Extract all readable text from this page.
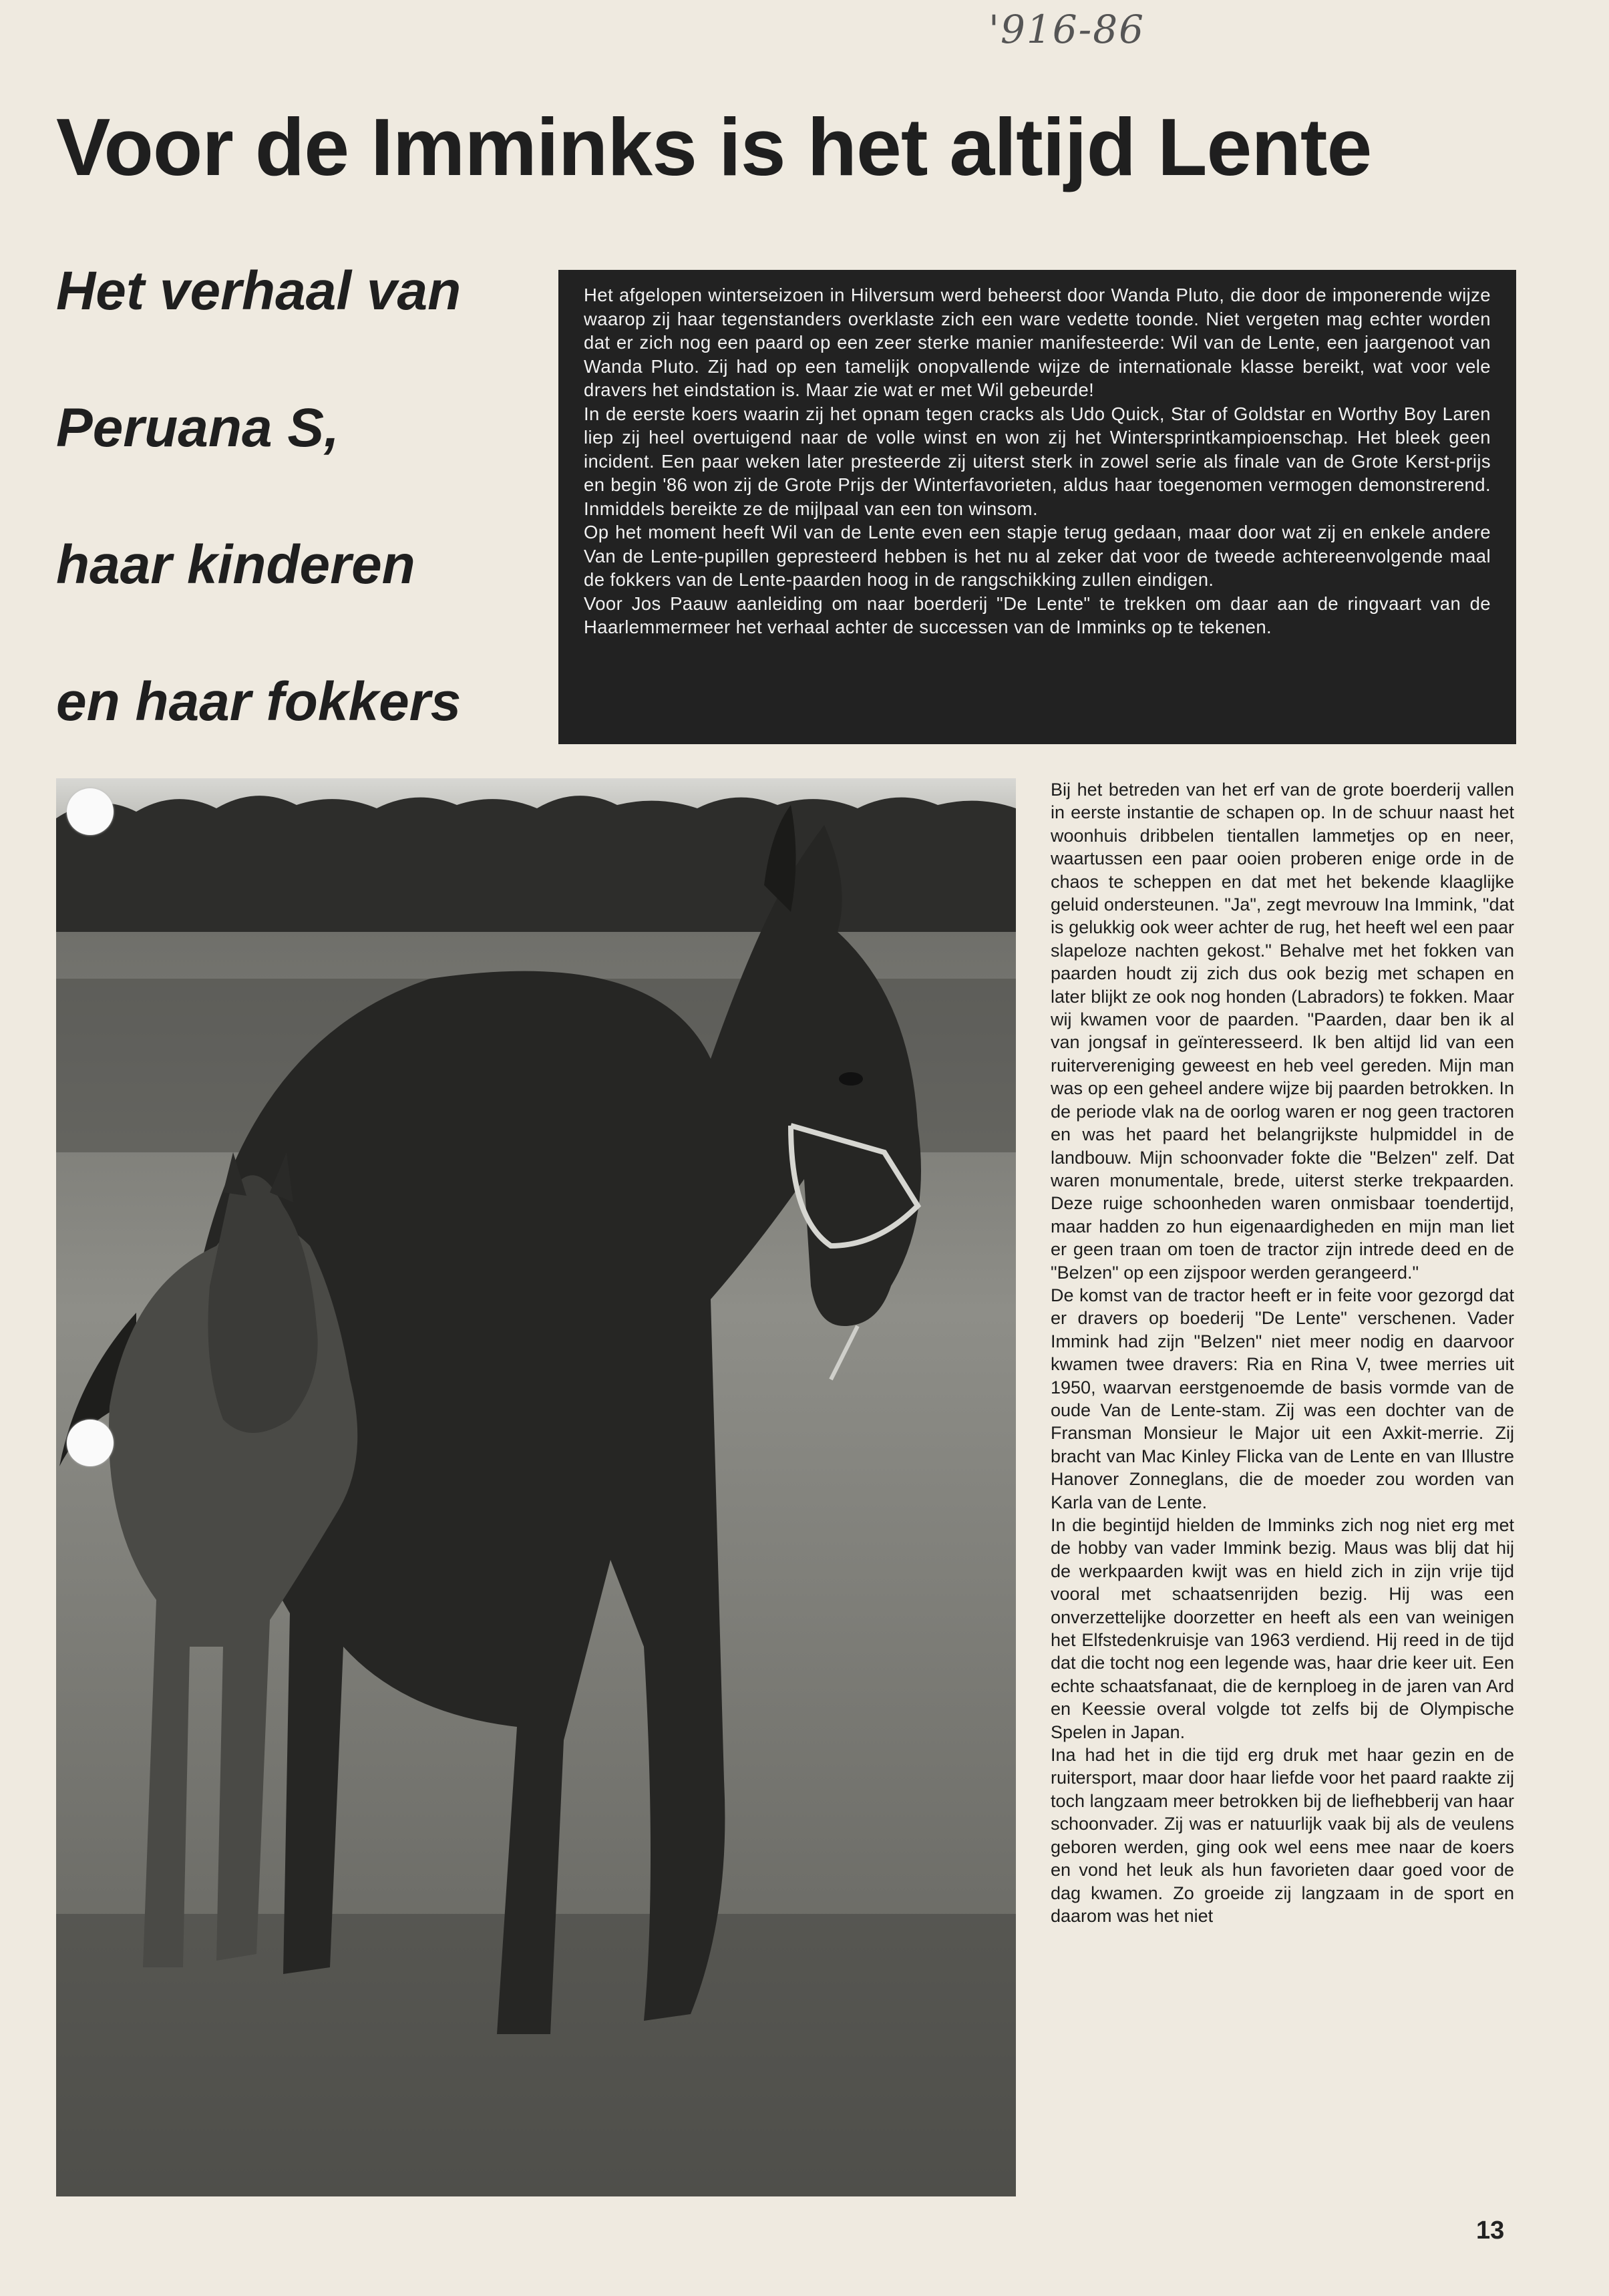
'916-86
Voor de Imminks is het altijd Lente
Het verhaal van
Peruana S,
haar kinderen
en haar fokkers

Het afgelopen winterseizoen in Hilversum werd beheerst door Wanda Pluto, die door de imponerende wijze waarop zij haar tegenstanders overklaste zich een ware vedette toonde. Niet vergeten mag echter worden dat er zich nog een paard op een zeer sterke manier manifesteerde: Wil van de Lente, een jaargenoot van Wanda Pluto. Zij had op een tamelijk onopvallende wijze de internationale klasse bereikt, wat voor vele dravers het eindstation is. Maar zie wat er met Wil gebeurde!

In de eerste koers waarin zij het opnam tegen cracks als Udo Quick, Star of Goldstar en Worthy Boy Laren liep zij heel overtuigend naar de volle winst en won zij het Wintersprintkampioenschap. Het bleek geen incident. Een paar weken later presteerde zij uiterst sterk in zowel serie als finale van de Grote Kerst-prijs en begin '86 won zij de Grote Prijs der Winterfavorieten, aldus haar toegenomen vermogen demonstrerend. Inmiddels bereikte ze de mijlpaal van een ton winsom.

Op het moment heeft Wil van de Lente even een stapje terug gedaan, maar door wat zij en enkele andere Van de Lente-pupillen gepresteerd hebben is het nu al zeker dat voor de tweede achtereenvolgende maal de fokkers van de Lente-paarden hoog in de rangschikking zullen eindigen.

Voor Jos Paauw aanleiding om naar boerderij "De Lente" te trekken om daar aan de ringvaart van de Haarlemmermeer het verhaal achter de successen van de Imminks op te tekenen.

Bij het betreden van het erf van de grote boerderij vallen in eerste instantie de schapen op. In de schuur naast het woonhuis dribbelen tientallen lammetjes op en neer, waartussen een paar ooien proberen enige orde in de chaos te scheppen en dat met het bekende klaaglijke geluid ondersteunen. "Ja", zegt mevrouw Ina Immink, "dat is gelukkig ook weer achter de rug, het heeft wel een paar slapeloze nachten gekost." Behalve met het fokken van paarden houdt zij zich dus ook bezig met schapen en later blijkt ze ook nog honden (Labradors) te fokken. Maar wij kwamen voor de paarden. "Paarden, daar ben ik al van jongsaf in geïnteresseerd. Ik ben altijd lid van een ruitervereniging geweest en heb veel gereden. Mijn man was op een geheel andere wijze bij paarden betrokken. In de periode vlak na de oorlog waren er nog geen tractoren en was het paard het belangrijkste hulpmiddel in de landbouw. Mijn schoonvader fokte die "Belzen" zelf. Dat waren monumentale, brede, uiterst sterke trekpaarden. Deze ruige schoonheden waren onmisbaar toendertijd, maar hadden zo hun eigenaardigheden en mijn man liet er geen traan om toen de tractor zijn intrede deed en de "Belzen" op een zijspoor werden gerangeerd."

De komst van de tractor heeft er in feite voor gezorgd dat er dravers op boederij "De Lente" verschenen. Vader Immink had zijn "Belzen" niet meer nodig en daarvoor kwamen twee dravers: Ria en Rina V, twee merries uit 1950, waarvan eerstgenoemde de basis vormde van de oude Van de Lente-stam. Zij was een dochter van de Fransman Monsieur le Major uit een Axkit-merrie. Zij bracht van Mac Kinley Flicka van de Lente en van Illustre Hanover Zonneglans, die de moeder zou worden van Karla van de Lente.

In die begintijd hielden de Imminks zich nog niet erg met de hobby van vader Immink bezig. Maus was blij dat hij de werkpaarden kwijt was en hield zich in zijn vrije tijd vooral met schaatsenrijden bezig. Hij was een onverzettelijke doorzetter en heeft als een van weinigen het Elfstedenkruisje van 1963 verdiend. Hij reed in de tijd dat die tocht nog een legende was, haar drie keer uit. Een echte schaatsfanaat, die de kernploeg in de jaren van Ard en Keessie overal volgde tot zelfs bij de Olympische Spelen in Japan.

Ina had het in die tijd erg druk met haar gezin en de ruitersport, maar door haar liefde voor het paard raakte zij toch langzaam meer betrokken bij de liefhebberij van haar schoonvader. Zij was er natuurlijk vaak bij als de veulens geboren werden, ging ook wel eens mee naar de koers en vond het leuk als hun favorieten daar goed voor de dag kwamen. Zo groeide zij langzaam in de sport en daarom was het niet

13
